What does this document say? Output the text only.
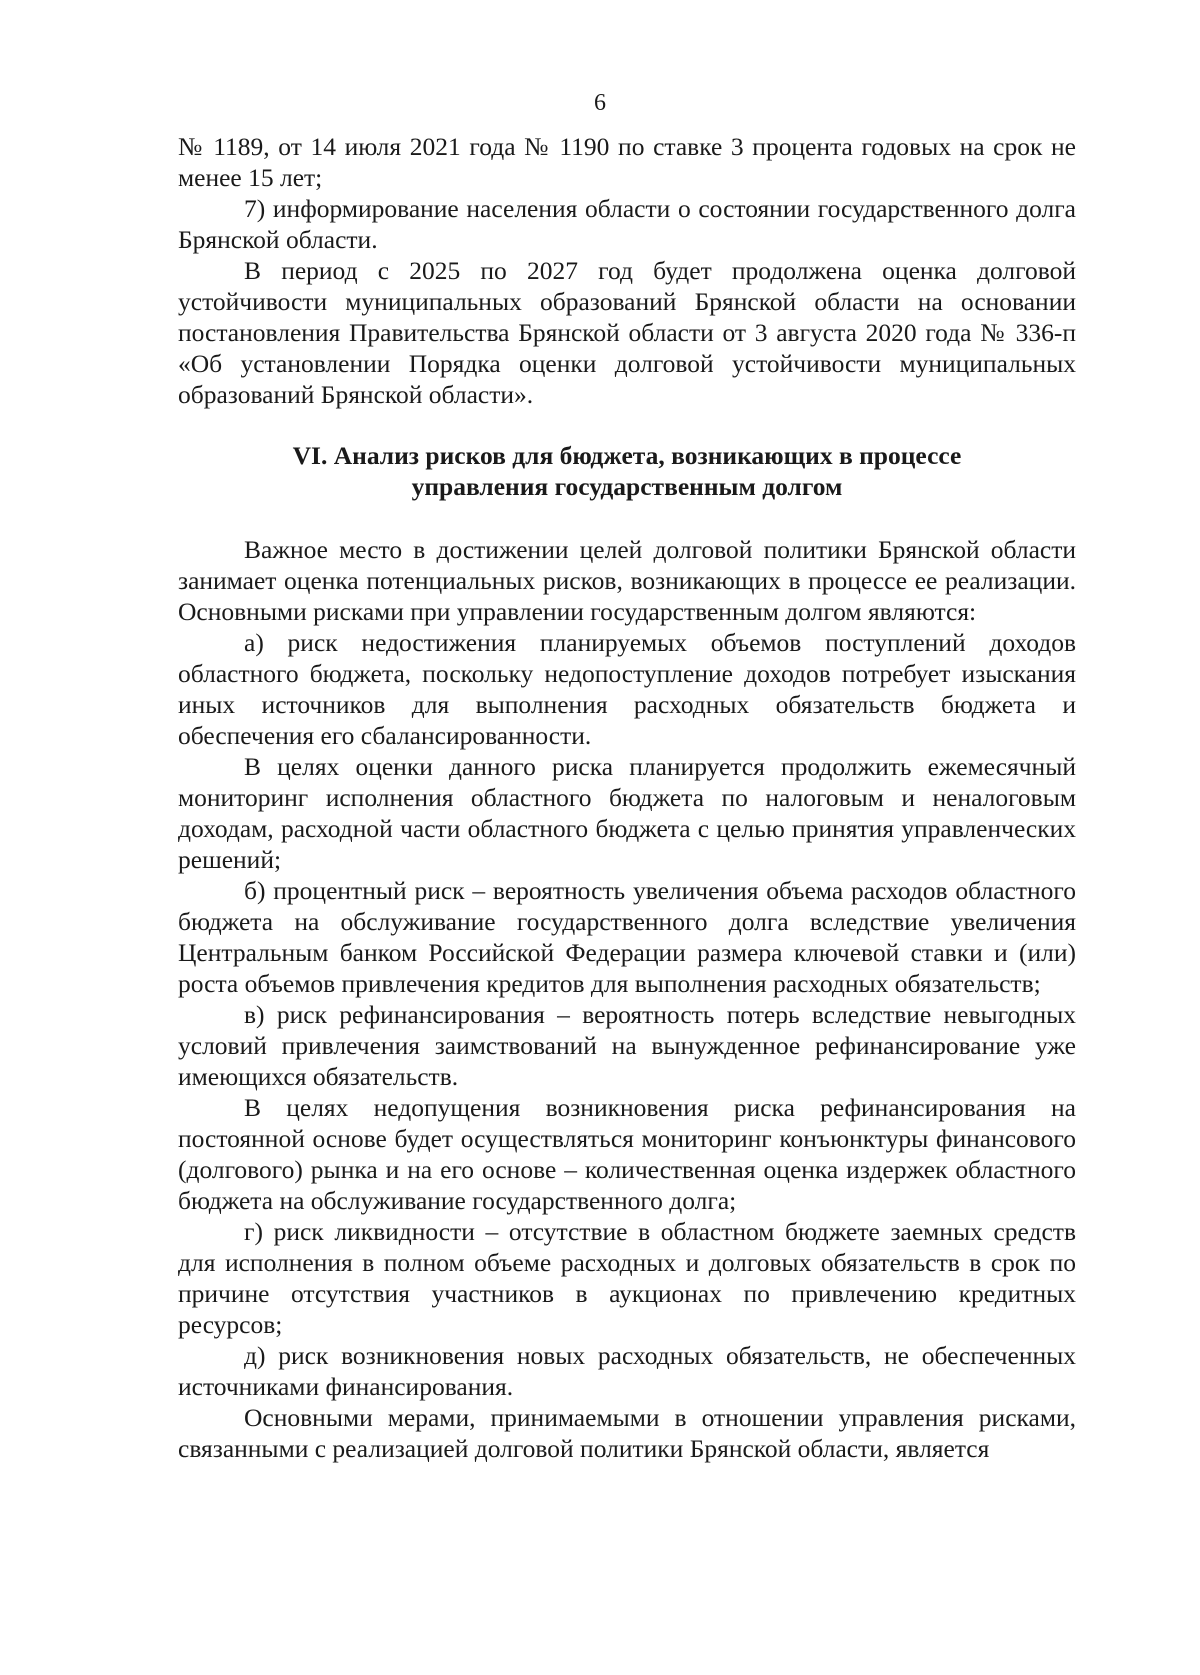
6

№ 1189, от 14 июля 2021 года № 1190 по ставке 3 процента годовых на срок не менее 15 лет;

7) информирование населения области о состоянии государственного долга Брянской области.

В период с 2025 по 2027 год будет продолжена оценка долговой устойчивости муниципальных образований Брянской области на основании постановления Правительства Брянской области от 3 августа 2020 года № 336-п «Об установлении Порядка оценки долговой устойчивости муниципальных образований Брянской области».

VI. Анализ рисков для бюджета, возникающих в процессе
управления государственным долгом

Важное место в достижении целей долговой политики Брянской области занимает оценка потенциальных рисков, возникающих в процессе ее реализации. Основными рисками при управлении государственным долгом являются:

а) риск недостижения планируемых объемов поступлений доходов областного бюджета, поскольку недопоступление доходов потребует изыскания иных источников для выполнения расходных обязательств бюджета и обеспечения его сбалансированности.

В целях оценки данного риска планируется продолжить ежемесячный мониторинг исполнения областного бюджета по налоговым и неналоговым доходам, расходной части областного бюджета с целью принятия управленческих решений;

б) процентный риск – вероятность увеличения объема расходов областного бюджета на обслуживание государственного долга вследствие увеличения Центральным банком Российской Федерации размера ключевой ставки и (или) роста объемов привлечения кредитов для выполнения расходных обязательств;

в) риск рефинансирования – вероятность потерь вследствие невыгодных условий привлечения заимствований на вынужденное рефинансирование уже имеющихся обязательств.

В целях недопущения возникновения риска рефинансирования на постоянной основе будет осуществляться мониторинг конъюнктуры финансового (долгового) рынка и на его основе – количественная оценка издержек областного бюджета на обслуживание государственного долга;

г) риск ликвидности – отсутствие в областном бюджете заемных средств для исполнения в полном объеме расходных и долговых обязательств в срок по причине отсутствия участников в аукционах по привлечению кредитных ресурсов;

д) риск возникновения новых расходных обязательств, не обеспеченных источниками финансирования.

Основными мерами, принимаемыми в отношении управления рисками, связанными с реализацией долговой политики Брянской области, является
